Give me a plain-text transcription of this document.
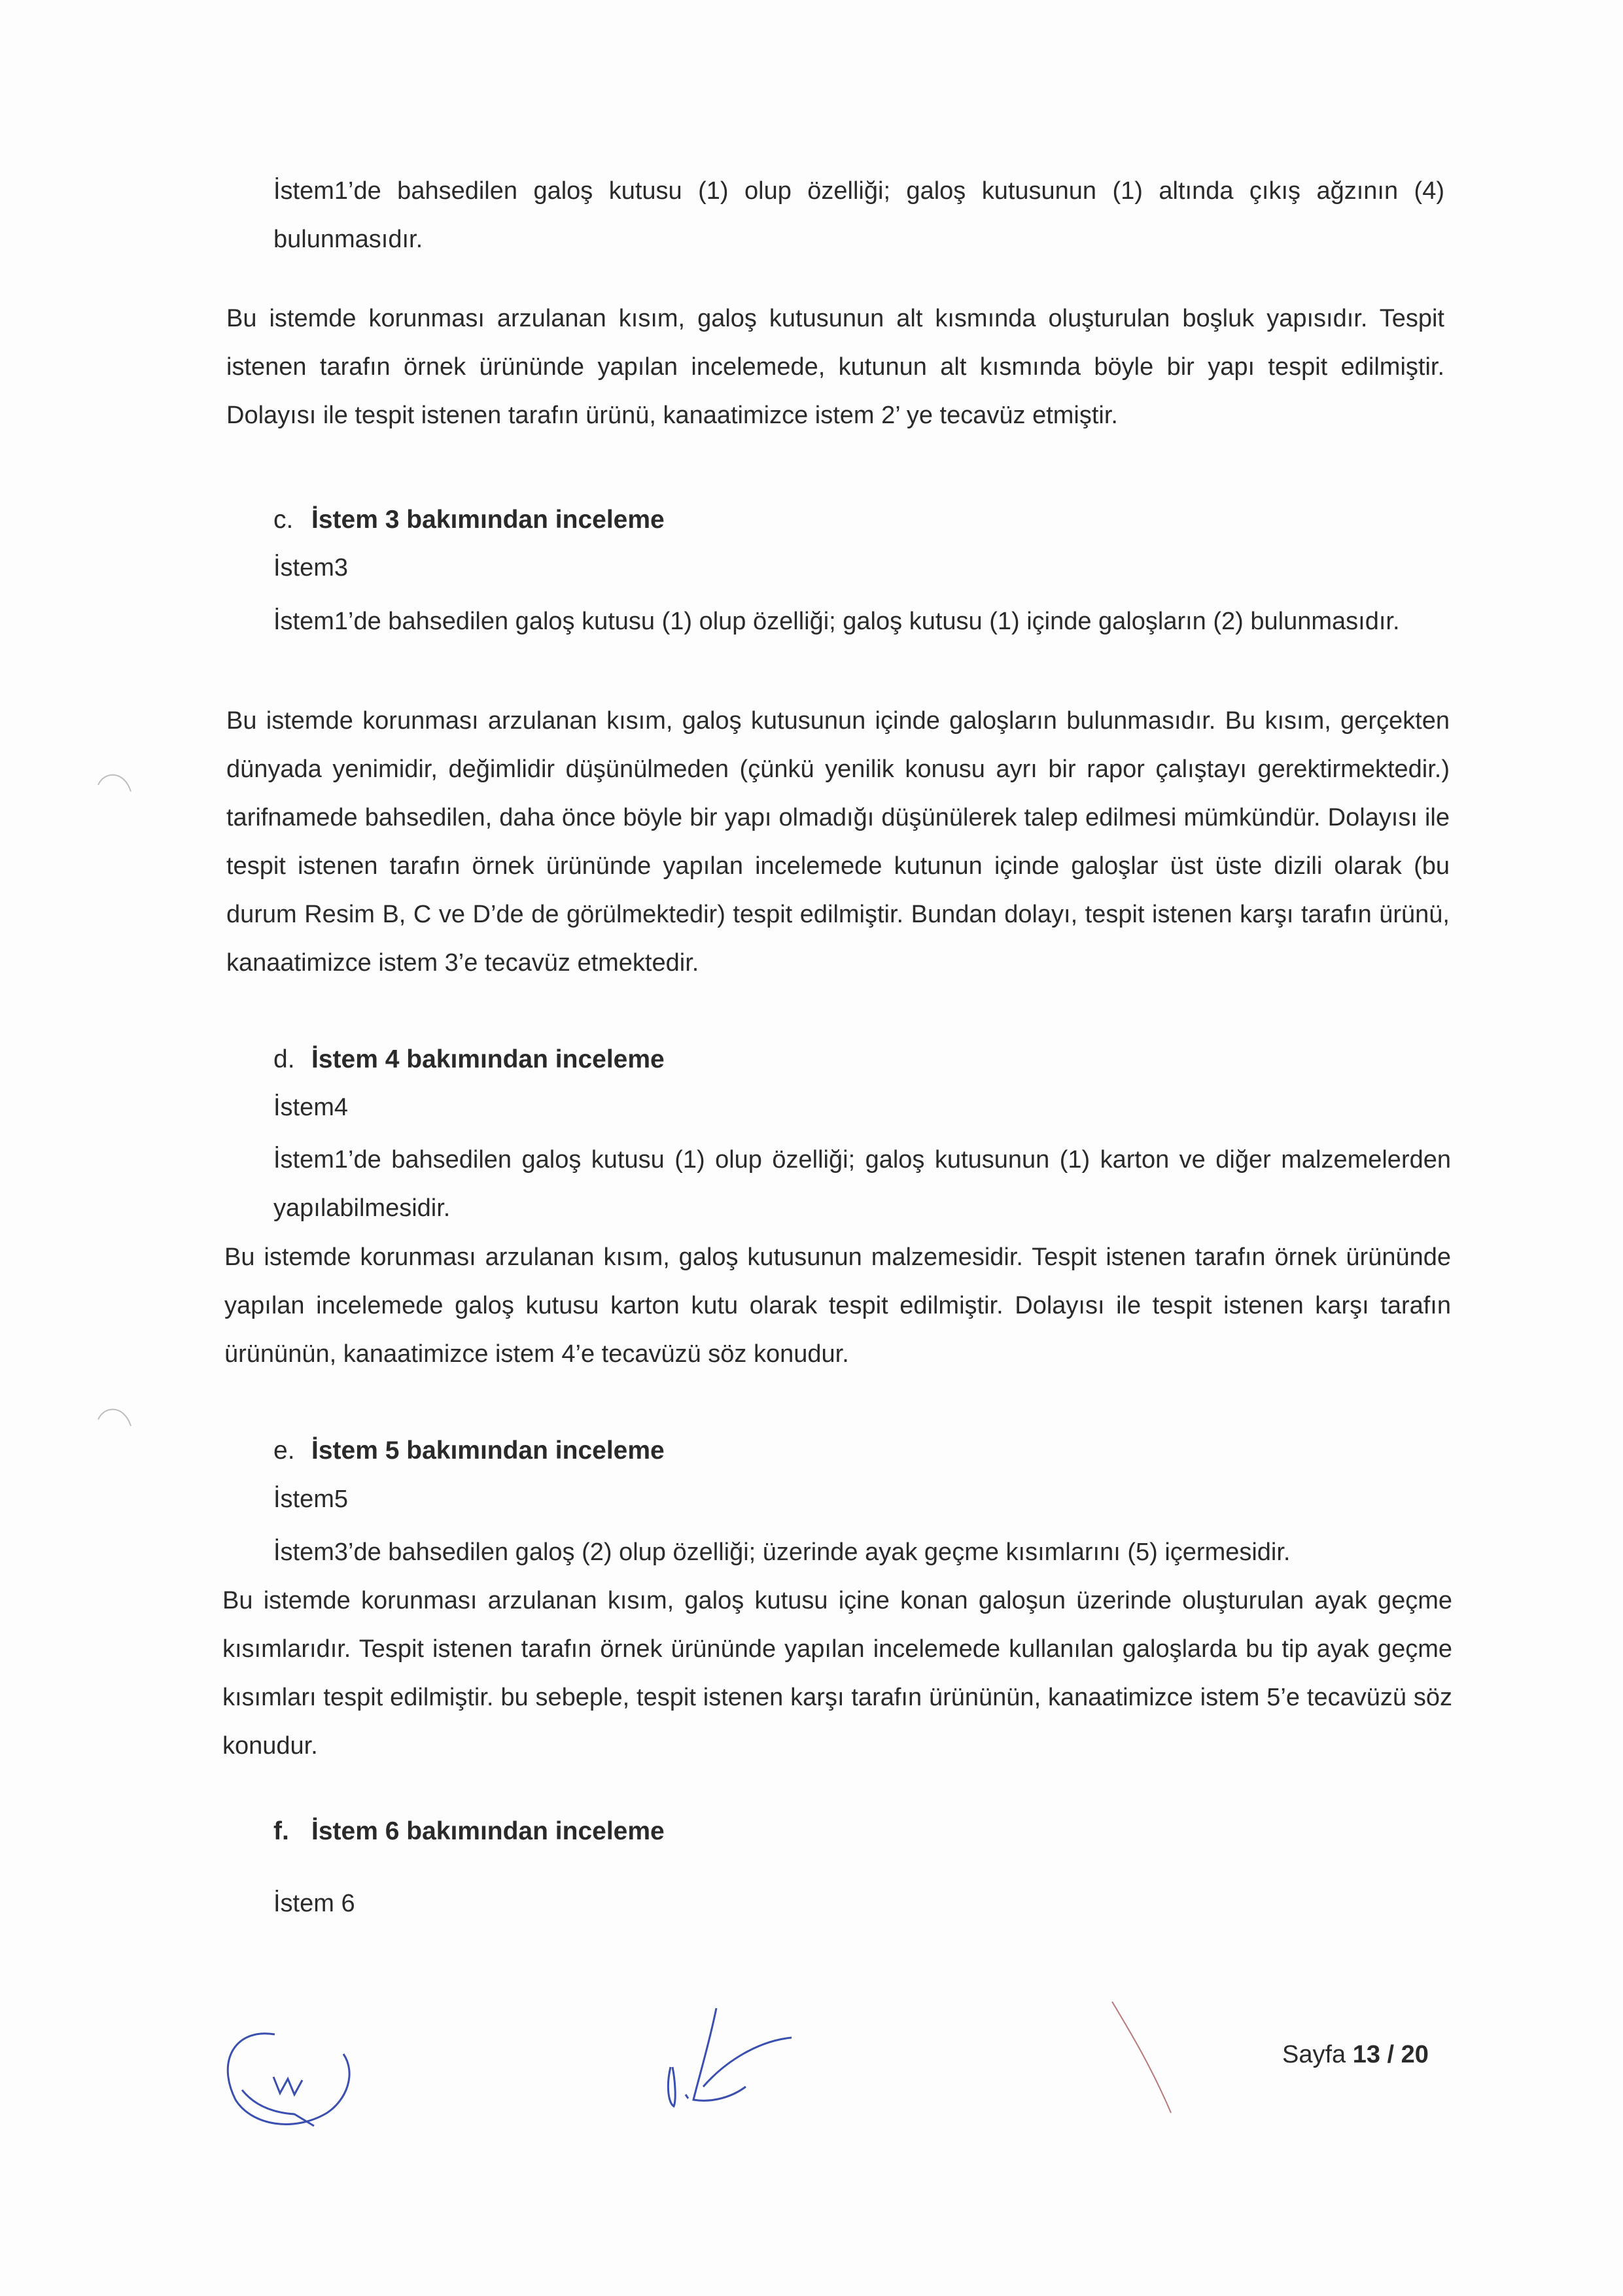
İstem1’de bahsedilen galoş kutusu (1) olup özelliği; galoş kutusunun (1) altında çıkış ağzının (4) bulunmasıdır.

Bu istemde korunması arzulanan kısım, galoş kutusunun alt kısmında oluşturulan boşluk yapısıdır. Tespit istenen tarafın örnek ürününde yapılan incelemede, kutunun alt kısmında böyle bir yapı tespit edilmiştir. Dolayısı ile tespit istenen tarafın ürünü, kanaatimizce istem 2’ ye tecavüz etmiştir.

c. İstem 3 bakımından inceleme
İstem3

İstem1’de bahsedilen galoş kutusu (1) olup özelliği; galoş kutusu (1) içinde galoşların (2) bulunmasıdır.

Bu istemde korunması arzulanan kısım, galoş kutusunun içinde galoşların bulunmasıdır. Bu kısım, gerçekten dünyada yenimidir, değimlidir düşünülmeden (çünkü yenilik konusu ayrı bir rapor çalıştayı gerektirmektedir.) tarifnamede bahsedilen, daha önce böyle bir yapı olmadığı düşünülerek talep edilmesi mümkündür. Dolayısı ile tespit istenen tarafın örnek ürününde yapılan incelemede kutunun içinde galoşlar üst üste dizili olarak (bu durum Resim B, C ve D’de de görülmektedir) tespit edilmiştir. Bundan dolayı, tespit istenen karşı tarafın ürünü, kanaatimizce istem 3’e tecavüz etmektedir.

d. İstem 4 bakımından inceleme
İstem4

İstem1’de bahsedilen galoş kutusu (1) olup özelliği; galoş kutusunun (1) karton ve diğer malzemelerden yapılabilmesidir.

Bu istemde korunması arzulanan kısım, galoş kutusunun malzemesidir. Tespit istenen tarafın örnek ürününde yapılan incelemede galoş kutusu karton kutu olarak tespit edilmiştir. Dolayısı ile tespit istenen karşı tarafın ürününün, kanaatimizce istem 4’e tecavüzü söz konudur.

e. İstem 5 bakımından inceleme
İstem5

İstem3’de bahsedilen galoş (2) olup özelliği; üzerinde ayak geçme kısımlarını (5) içermesidir.

Bu istemde korunması arzulanan kısım, galoş kutusu içine konan galoşun üzerinde oluşturulan ayak geçme kısımlarıdır. Tespit istenen tarafın örnek ürününde yapılan incelemede kullanılan galoşlarda bu tip ayak geçme kısımları tespit edilmiştir. bu sebeple, tespit istenen karşı tarafın ürününün, kanaatimizce istem 5’e tecavüzü söz konudur.

f. İstem 6 bakımından inceleme
İstem 6
Sayfa 13 / 20
